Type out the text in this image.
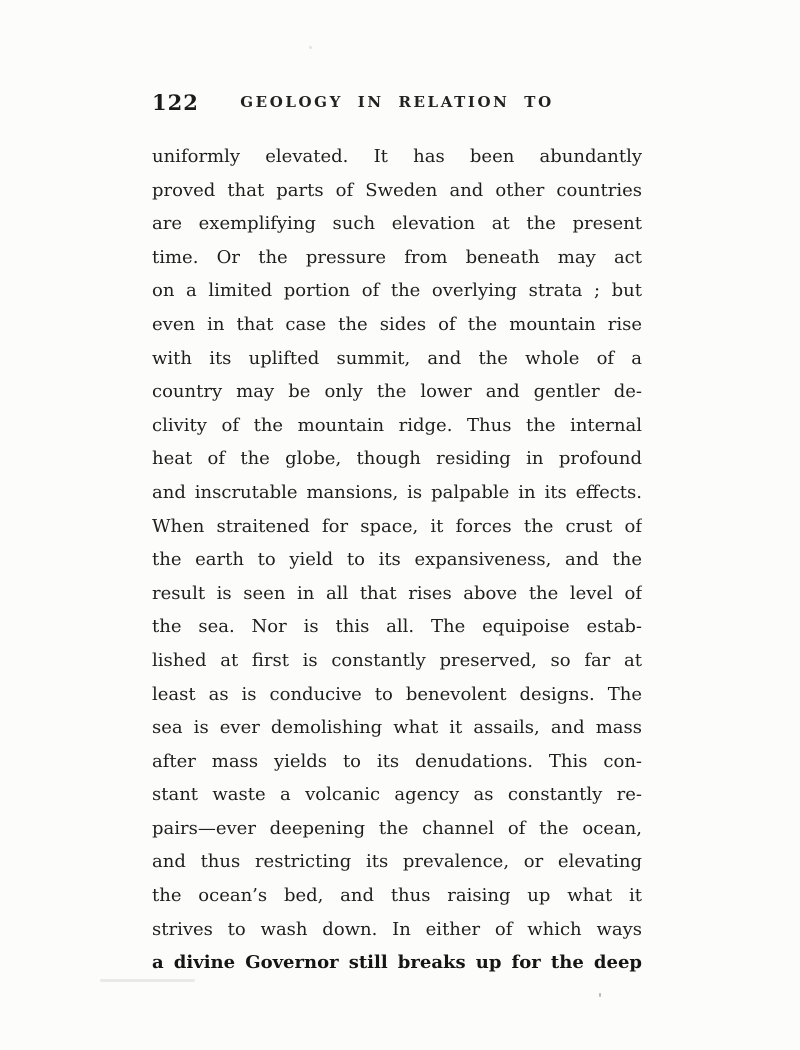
122	GEOLOGY IN RELATION TO
uniformly elevated. It has been abundantly
proved that parts of Sweden and other countries
are exemplifying such elevation at the present
time. Or the pressure from beneath may act
on a limited portion of the overlying strata ; but
even in that case the sides of the mountain rise
with its uplifted summit, and the whole of a
country may be only the lower and gentler de-
clivity of the mountain ridge. Thus the internal
heat of the globe, though residing in profound
and inscrutable mansions, is palpable in its effects.
When straitened for space, it forces the crust of
the earth to yield to its expansiveness, and the
result is seen in all that rises above the level of
the sea. Nor is this all. The equipoise estab-
lished at first is constantly preserved, so far at
least as is conducive to benevolent designs. The
sea is ever demolishing what it assails, and mass
after mass yields to its denudations. This con-
stant waste a volcanic agency as constantly re-
pairs—ever deepening the channel of the ocean,
and thus restricting its prevalence, or elevating
the ocean’s bed, and thus raising up what it
strives to wash down. In either of which ways
a divine Governor still breaks up for the deep
